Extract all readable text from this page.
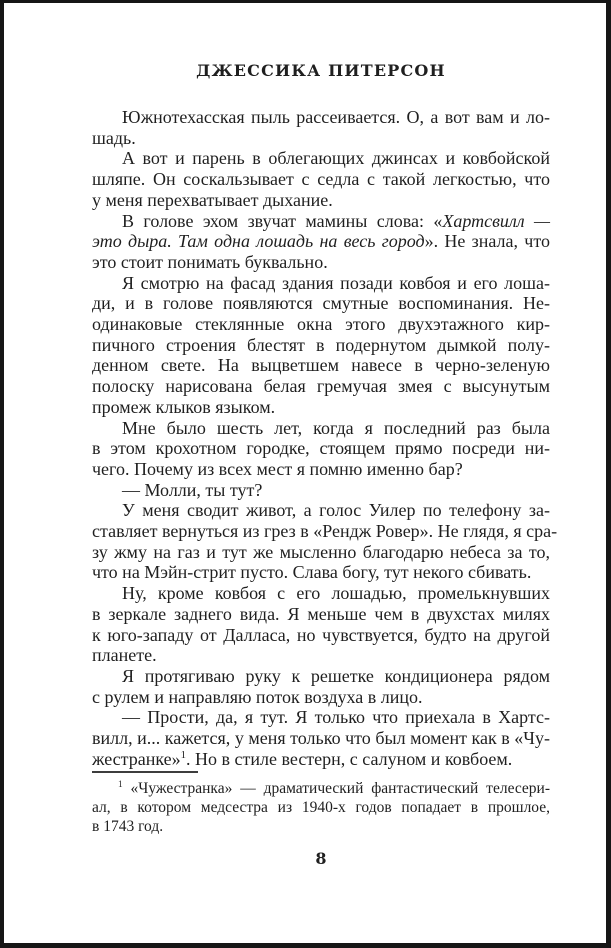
ДЖЕССИКА ПИТЕРСОН
Южнотехасская пыль рассеивается. О, а вот вам и ло-
шадь.
А вот и парень в облегающих джинсах и ковбойской
шляпе. Он соскальзывает с седла с такой легкостью, что
у меня перехватывает дыхание.
В голове эхом звучат мамины слова: «Хартсвилл —
это дыра. Там одна лошадь на весь город». Не знала, что
это стоит понимать буквально.
Я смотрю на фасад здания позади ковбоя и его лоша-
ди, и в голове появляются смутные воспоминания. Не-
одинаковые стеклянные окна этого двухэтажного кир-
пичного строения блестят в подернутом дымкой полу-
денном свете. На выцветшем навесе в черно-зеленую
полоску нарисована белая гремучая змея с высунутым
промеж клыков языком.
Мне было шесть лет, когда я последний раз была
в этом крохотном городке, стоящем прямо посреди ни-
чего. Почему из всех мест я помню именно бар?
— Молли, ты тут?
У меня сводит живот, а голос Уилер по телефону за-
ставляет вернуться из грез в «Рендж Ровер». Не глядя, я сра-
зу жму на газ и тут же мысленно благодарю небеса за то,
что на Мэйн-стрит пусто. Слава богу, тут некого сбивать.
Ну, кроме ковбоя с его лошадью, промелькнувших
в зеркале заднего вида. Я меньше чем в двухстах милях
к юго-западу от Далласа, но чувствуется, будто на другой
планете.
Я протягиваю руку к решетке кондиционера рядом
с рулем и направляю поток воздуха в лицо.
— Прости, да, я тут. Я только что приехала в Хартс-
вилл, и... кажется, у меня только что был момент как в «Чу-
жестранке»$^1$. Но в стиле вестерн, с салуном и ковбоем.
$^1$ «Чужестранка» — драматический фантастический телесери-
ал, в котором медсестра из 1940-х годов попадает в прошлое,
в 1743 год.
8
